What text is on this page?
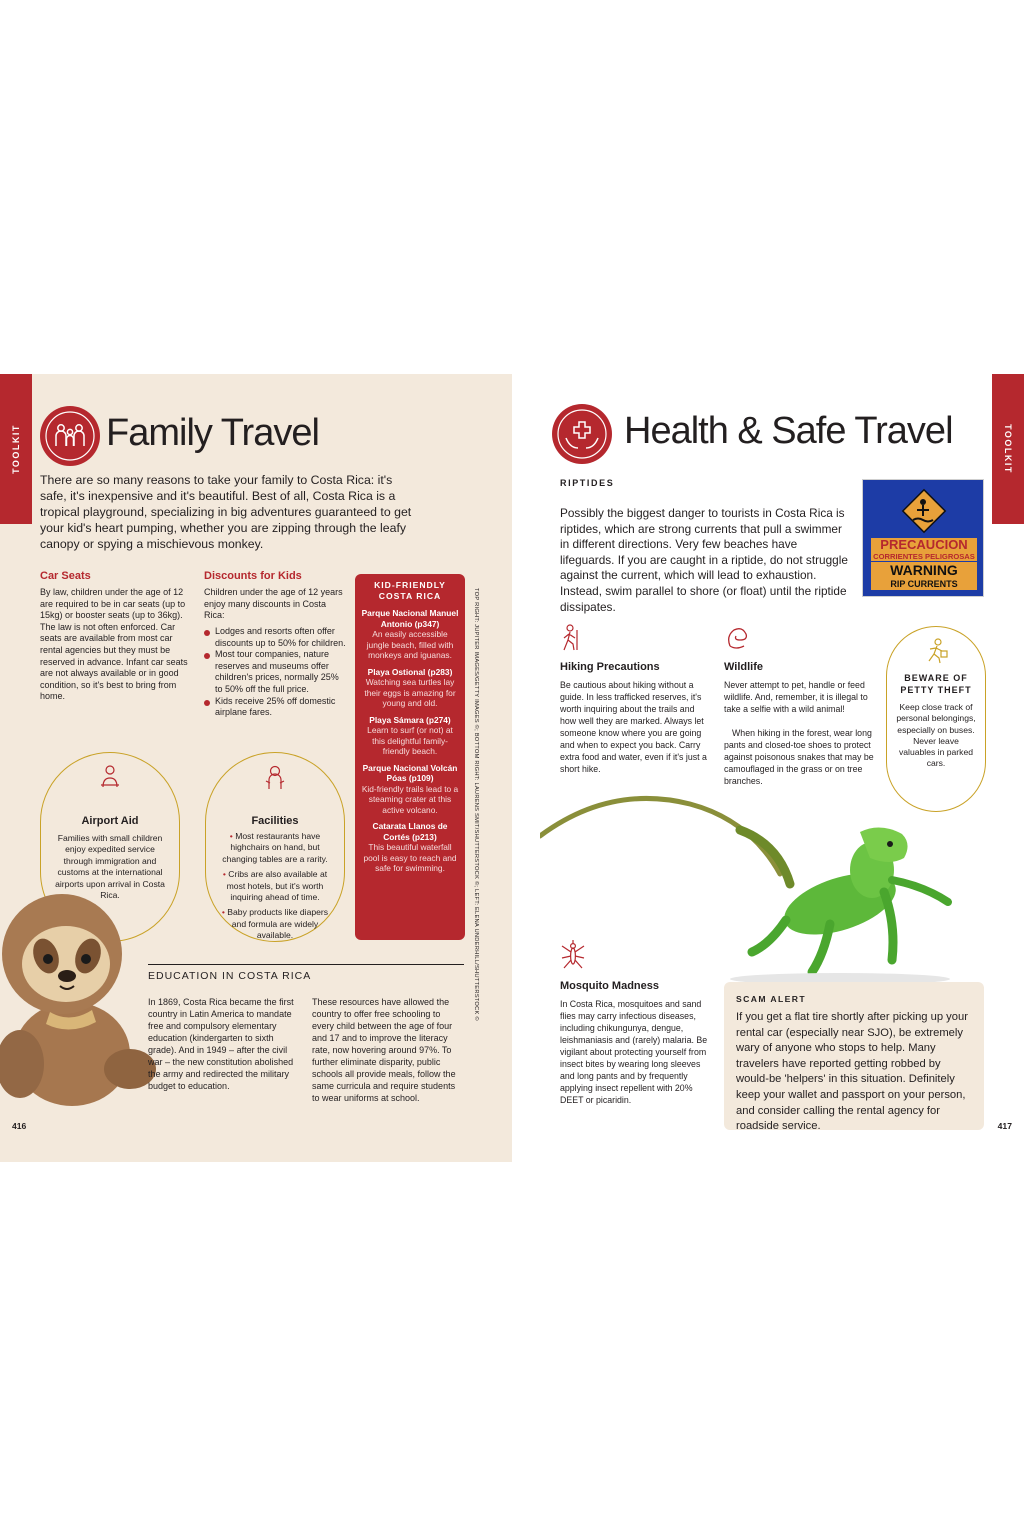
TOOLKIT Family Travel
There are so many reasons to take your family to Costa Rica: it's safe, it's inexpensive and it's beautiful. Best of all, Costa Rica is a tropical playground, specializing in big adventures guaranteed to get your kid's heart pumping, whether you are zipping through the leafy canopy or spying a mischievous monkey.
Car Seats
By law, children under the age of 12 are required to be in car seats (up to 15kg) or booster seats (up to 36kg). The law is not often enforced. Car seats are available from most car rental agencies but they must be reserved in advance. Infant car seats are not always available or in good condition, so it's best to bring from home.
Discounts for Kids
Children under the age of 12 years enjoy many discounts in Costa Rica:
Lodges and resorts often offer discounts up to 50% for children.
Most tour companies, nature reserves and museums offer children's prices, normally 25% to 50% off the full price.
Kids receive 25% off domestic airplane fares.
KID-FRIENDLY COSTA RICA
Parque Nacional Manuel Antonio (p347)
An easily accessible jungle beach, filled with monkeys and iguanas.
Playa Ostional (p283)
Watching sea turtles lay their eggs is amazing for young and old.
Playa Sámara (p274)
Learn to surf (or not) at this delightful family-friendly beach.
Parque Nacional Volcán Póas (p109)
Kid-friendly trails lead to a steaming crater at this active volcano.
Catarata Llanos de Cortés (p213)
This beautiful waterfall pool is easy to reach and safe for swimming.	TOP RIGHT: JUPITER IMAGES/GETTY IMAGES ©; BOTTOM RIGHT: LAURENS SMIT/SHUTTERSTOCK ©; LEFT: ELENA UNDERHILL/SHUTTERSTOCK ©
Airport Aid
Families with small children enjoy expedited service through immigration and customs at the international airports upon arrival in Costa Rica.
Facilities
• Most restaurants have highchairs on hand, but changing tables are a rarity.
• Cribs are also available at most hotels, but it's worth inquiring ahead of time.
• Baby products like diapers and formula are widely available.
EDUCATION IN COSTA RICA
In 1869, Costa Rica became the first country in Latin America to mandate free and compulsory elementary education (kindergarten to sixth grade). And in 1949 – after the civil war – the new constitution abolished the army and redirected the military budget to education.
These resources have allowed the country to offer free schooling to every child between the age of four and 17 and to improve the literacy rate, now hovering around 97%. To further eliminate disparity, public schools all provide meals, follow the same curricula and require students to wear uniforms at school.
416
TOOLKIT
Health & Safe Travel
RIPTIDES
Possibly the biggest danger to tourists in Costa Rica is riptides, which are strong currents that pull a swimmer in different directions. Very few beaches have lifeguards. If you are caught in a riptide, do not struggle against the current, which will lead to exhaustion. Instead, swim parallel to shore (or float) until the riptide dissipates.
PRECAUCION
CORRIENTES PELIGROSAS
WARNING
RIP CURRENTS
Hiking Precautions
Be cautious about hiking without a guide. In less trafficked reserves, it's worth inquiring about the trails and how well they are marked. Always let someone know where you are going and when to expect you back. Carry extra food and water, even if it's just a short hike.
Wildlife
Never attempt to pet, handle or feed wildlife. And, remember, it is illegal to take a selfie with a wild animal!
When hiking in the forest, wear long pants and closed-toe shoes to protect against poisonous snakes that may be camouflaged in the grass or on tree branches.
BEWARE OF PETTY THEFT
Keep close track of personal belongings, especially on buses. Never leave valuables in parked cars.
Mosquito Madness
In Costa Rica, mosquitoes and sand flies may carry infectious diseases, including chikungunya, dengue, leishmaniasis and (rarely) malaria. Be vigilant about protecting yourself from insect bites by wearing long sleeves and long pants and by frequently applying insect repellent with 20% DEET or picaridin.
SCAM ALERT
If you get a flat tire shortly after picking up your rental car (especially near SJO), be extremely wary of anyone who stops to help. Many travelers have reported getting robbed by would-be 'helpers' in this situation. Definitely keep your wallet and passport on your person, and consider calling the rental agency for roadside service.	417
